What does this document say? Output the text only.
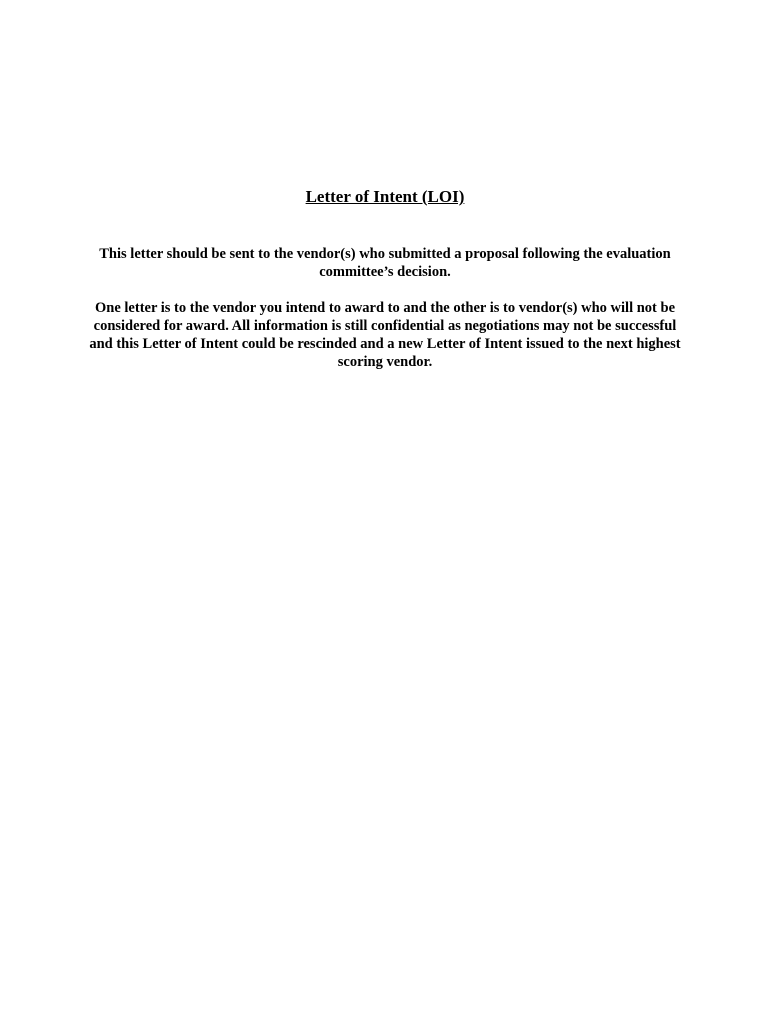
Letter of Intent (LOI)

This letter should be sent to the vendor(s) who submitted a proposal following the evaluation committee’s decision.

One letter is to the vendor you intend to award to and the other is to vendor(s) who will not be considered for award. All information is still confidential as negotiations may not be successful and this Letter of Intent could be rescinded and a new Letter of Intent issued to the next highest scoring vendor.
